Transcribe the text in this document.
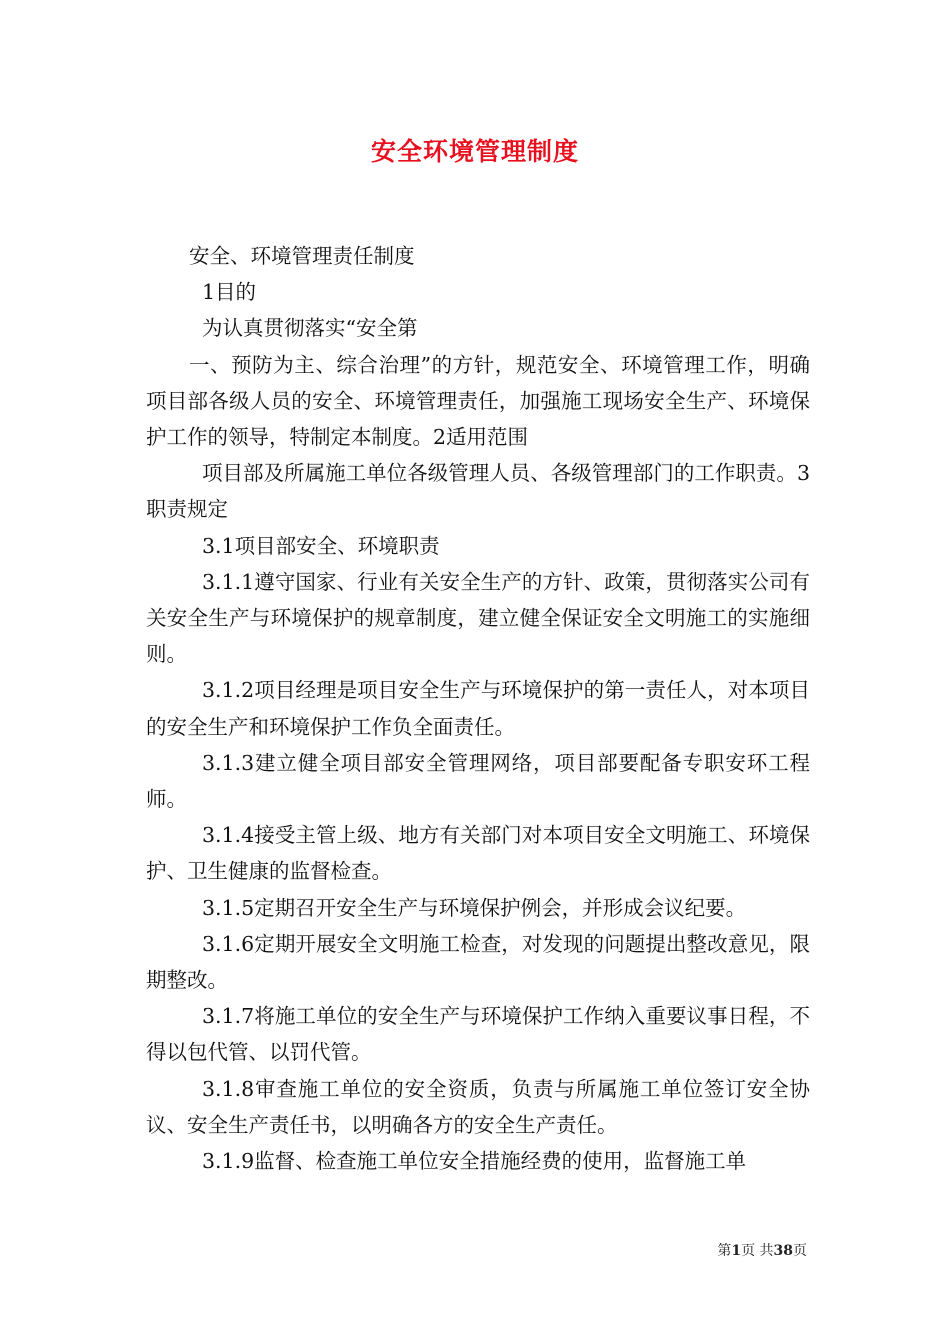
安全环境管理制度

安全、环境管理责任制度

1目的

为认真贯彻落实“安全第

一、预防为主、综合治理”的方针，规范安全、环境管理工作，明确项目部各级人员的安全、环境管理责任，加强施工现场安全生产、环境保护工作的领导，特制定本制度。2适用范围

项目部及所属施工单位各级管理人员、各级管理部门的工作职责。3职责规定

3.1项目部安全、环境职责

3.1.1遵守国家、行业有关安全生产的方针、政策，贯彻落实公司有关安全生产与环境保护的规章制度，建立健全保证安全文明施工的实施细则。

3.1.2项目经理是项目安全生产与环境保护的第一责任人，对本项目的安全生产和环境保护工作负全面责任。

3.1.3建立健全项目部安全管理网络，项目部要配备专职安环工程师。

3.1.4接受主管上级、地方有关部门对本项目安全文明施工、环境保护、卫生健康的监督检查。

3.1.5定期召开安全生产与环境保护例会，并形成会议纪要。

3.1.6定期开展安全文明施工检查，对发现的问题提出整改意见，限期整改。

3.1.7将施工单位的安全生产与环境保护工作纳入重要议事日程，不得以包代管、以罚代管。

3.1.8审查施工单位的安全资质，负责与所属施工单位签订安全协议、安全生产责任书，以明确各方的安全生产责任。

3.1.9监督、检查施工单位安全措施经费的使用，监督施工单

第1页 共38页
